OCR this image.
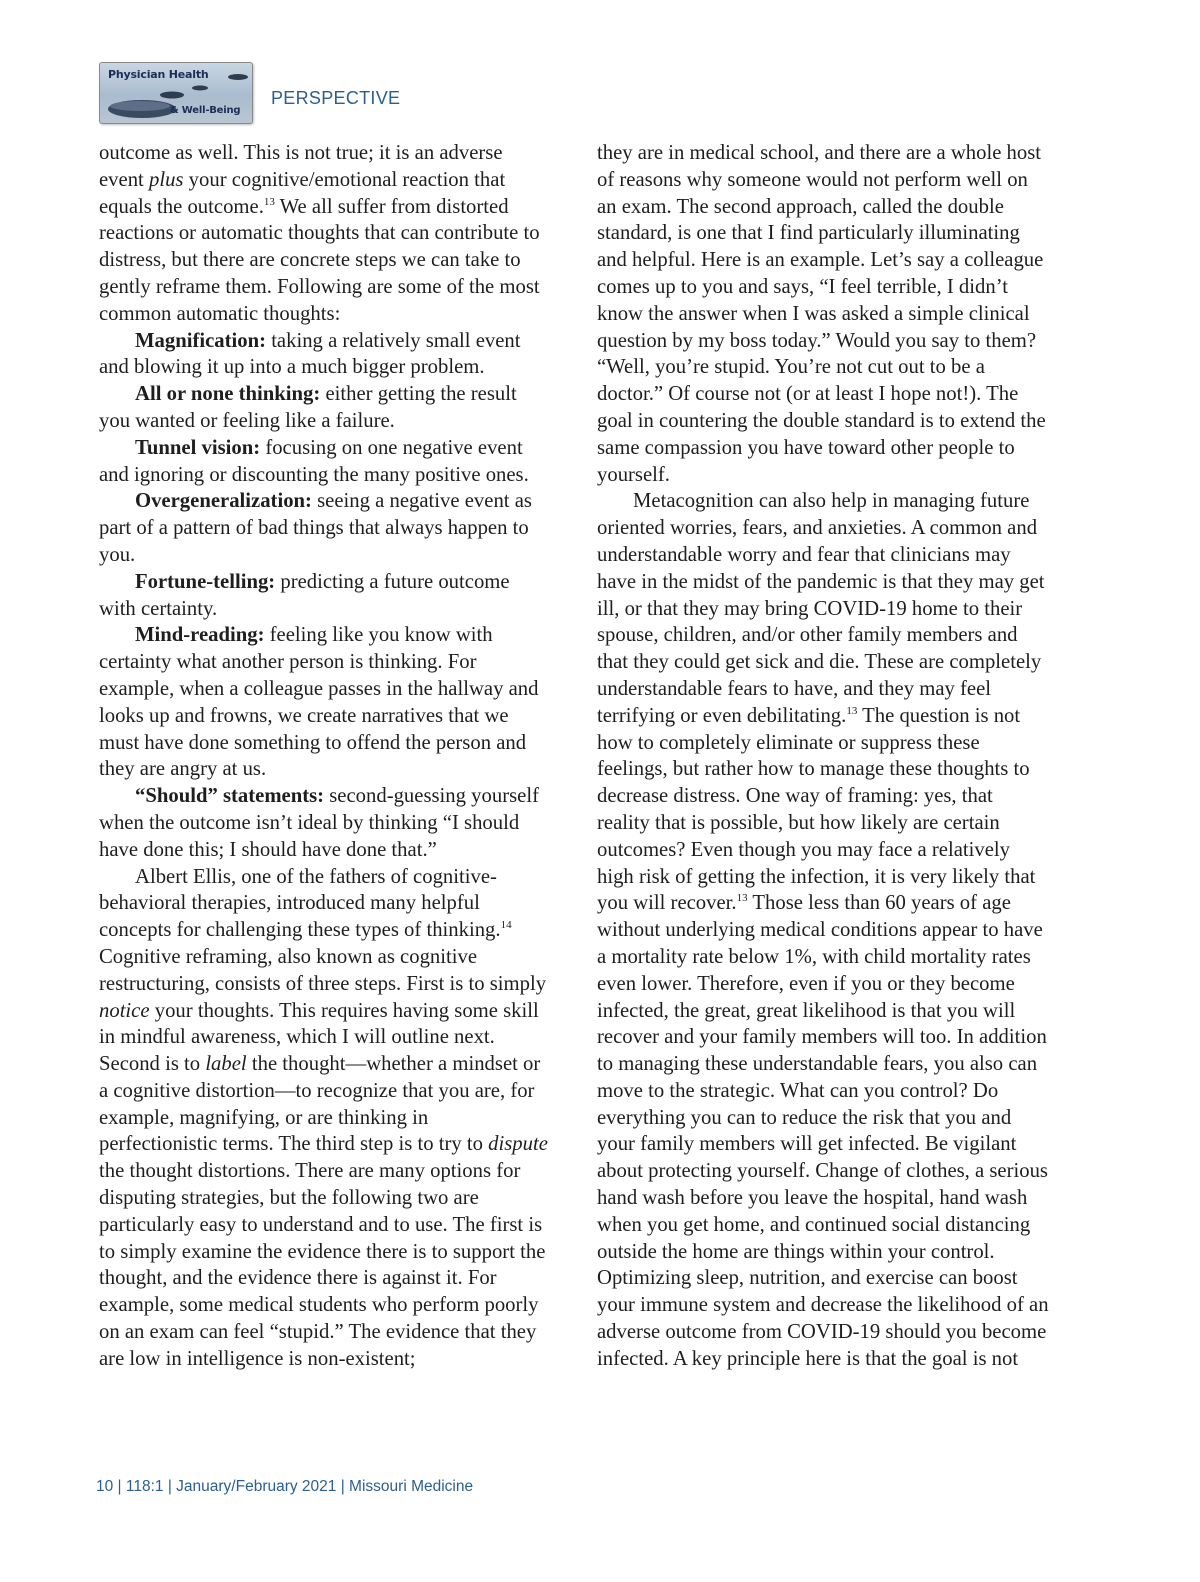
Physician Health
& Well-Being
PERSPECTIVE

outcome as well. This is not true; it is an adverse event plus your cognitive/emotional reaction that equals the outcome.$^{13}$ We all suffer from distorted reactions or automatic thoughts that can contribute to distress, but there are concrete steps we can take to gently reframe them. Following are some of the most common automatic thoughts:

Magnification: taking a relatively small event and blowing it up into a much bigger problem.

All or none thinking: either getting the result you wanted or feeling like a failure.

Tunnel vision: focusing on one negative event and ignoring or discounting the many positive ones.

Overgeneralization: seeing a negative event as part of a pattern of bad things that always happen to you.

Fortune-telling: predicting a future outcome with certainty.

Mind-reading: feeling like you know with certainty what another person is thinking. For example, when a colleague passes in the hallway and looks up and frowns, we create narratives that we must have done something to offend the person and they are angry at us.

“Should” statements: second-guessing yourself when the outcome isn’t ideal by thinking “I should have done this; I should have done that.”

Albert Ellis, one of the fathers of cognitive-behavioral therapies, introduced many helpful concepts for challenging these types of thinking.$^{14}$ Cognitive reframing, also known as cognitive restructuring, consists of three steps. First is to simply notice your thoughts. This requires having some skill in mindful awareness, which I will outline next. Second is to label the thought—whether a mindset or a cognitive distortion—to recognize that you are, for example, magnifying, or are thinking in perfectionistic terms. The third step is to try to dispute the thought distortions. There are many options for disputing strategies, but the following two are particularly easy to understand and to use. The first is to simply examine the evidence there is to support the thought, and the evidence there is against it. For example, some medical students who perform poorly on an exam can feel “stupid.” The evidence that they are low in intelligence is non-existent;

they are in medical school, and there are a whole host of reasons why someone would not perform well on an exam. The second approach, called the double standard, is one that I find particularly illuminating and helpful. Here is an example. Let’s say a colleague comes up to you and says, “I feel terrible, I didn’t know the answer when I was asked a simple clinical question by my boss today.” Would you say to them? “Well, you’re stupid. You’re not cut out to be a doctor.” Of course not (or at least I hope not!). The goal in countering the double standard is to extend the same compassion you have toward other people to yourself.

Metacognition can also help in managing future oriented worries, fears, and anxieties. A common and understandable worry and fear that clinicians may have in the midst of the pandemic is that they may get ill, or that they may bring COVID-19 home to their spouse, children, and/or other family members and that they could get sick and die. These are completely understandable fears to have, and they may feel terrifying or even debilitating.$^{13}$ The question is not how to completely eliminate or suppress these feelings, but rather how to manage these thoughts to decrease distress. One way of framing: yes, that reality that is possible, but how likely are certain outcomes? Even though you may face a relatively high risk of getting the infection, it is very likely that you will recover.$^{13}$ Those less than 60 years of age without underlying medical conditions appear to have a mortality rate below 1%, with child mortality rates even lower. Therefore, even if you or they become infected, the great, great likelihood is that you will recover and your family members will too. In addition to managing these understandable fears, you also can move to the strategic. What can you control? Do everything you can to reduce the risk that you and your family members will get infected. Be vigilant about protecting yourself. Change of clothes, a serious hand wash before you leave the hospital, hand wash when you get home, and continued social distancing outside the home are things within your control. Optimizing sleep, nutrition, and exercise can boost your immune system and decrease the likelihood of an adverse outcome from COVID-19 should you become infected. A key principle here is that the goal is not

10 | 118:1 | January/February 2021 | Missouri Medicine
